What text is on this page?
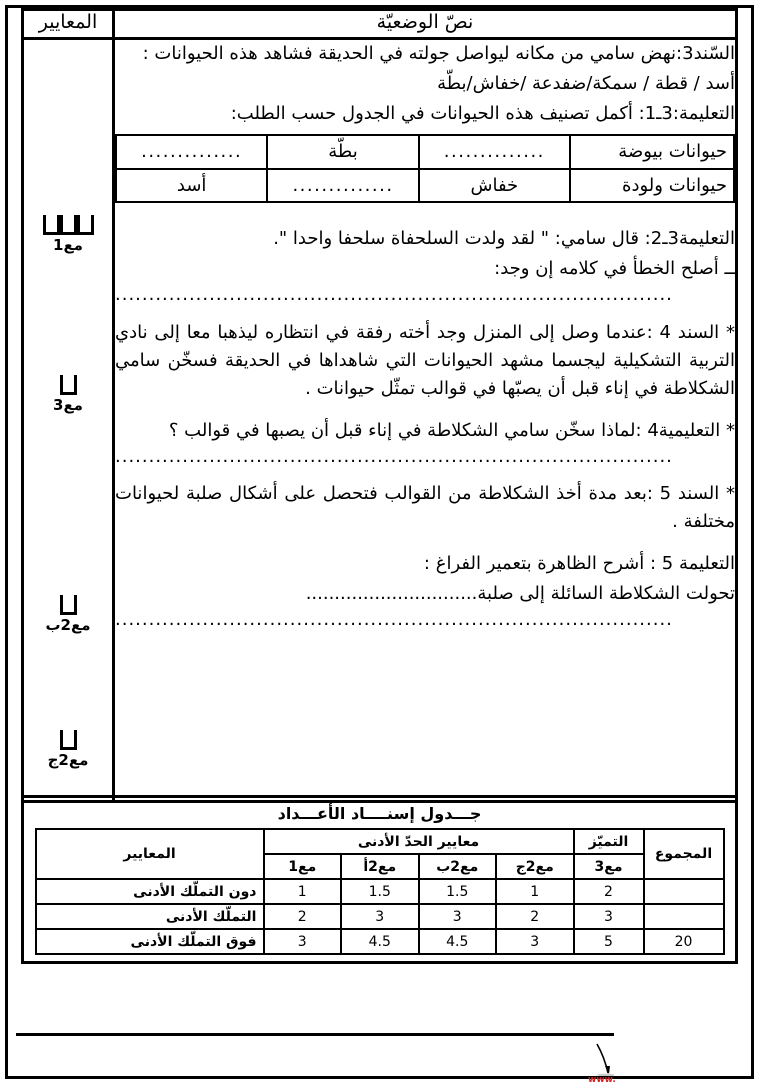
نصّ الوضعيّة	المعايير

السّند3:نهض سامي من مكانه ليواصل جولته في الحديقة فشاهد هذه الحيوانات :

أسد / قطة / سمكة/ضفدعة /خفاش/بطّة

التعليمة:3ـ1: أكمل تصنيف هذه الحيوانات في الجدول حسب الطلب:

حيوانات بيوضة	..............	بطّة	..............
حيوانات ولودة	خفاش	..............	أسد

التعليمة3ـ2: قال سامي: " لقد ولدت السلحفاة سلحفا واحدا ".

ــ أصلح الخطأ في كلامه إن وجد:

...................................................................................

* السند 4 :عندما وصل إلى المنزل وجد أخته رفقة في انتظاره ليذهبا معا إلى نادي التربية التشكيلية ليجسما مشهد الحيوانات التي شاهداها في الحديقة فسخّن سامي الشكلاطة في إناء قبل أن يصبّها في قوالب تمثّل حيوانات .

* التعليمية4 :لماذا سخّن سامي الشكلاطة في إناء قبل أن يصبها في قوالب ؟

...................................................................................

* السند 5 :بعد مدة أخذ الشكلاطة من القوالب فتحصل على أشكال صلبة لحيوانات مختلفة .

التعليمة 5 : أشرح الظاهرة بتعمير الفراغ :

تحولت الشكلاطة السائلة إلى صلبة..............................

...................................................................................

مع1
مع3
مع2ب
مع2ج
جـــدول إسنــــاد الأعـــداد
المجموع	التميّز	معايير الحدّ الأدنى				المعايير
	مع3	مع2ج	مع2ب	مع2أ	مع1	
	2	1	1.5	1.5	1	دون التملّك الأدنى
	3	2	3	3	2	التملّك الأدنى
20	5	3	4.5	4.5	3	فوق التملّك الأدنى
www.
